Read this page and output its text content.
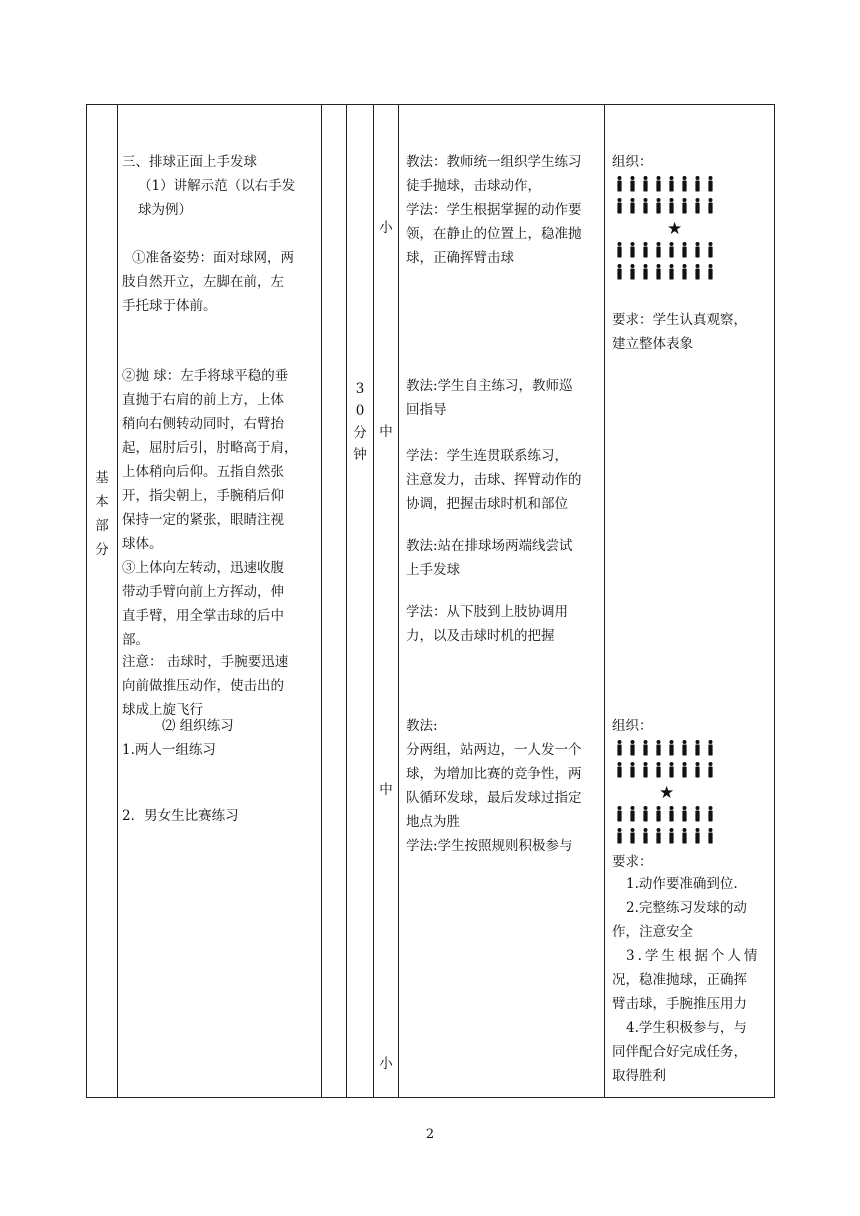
基
本
部
分
三、排球正面上手发球
（1）讲解示范（以右手发
球为例）
①准备姿势：面对球网，两
肢自然开立，左脚在前，左
手托球于体前。
②抛 球：左手将球平稳的垂
直抛于右肩的前上方，上体
稍向右侧转动同时，右臂抬
起，屈肘后引，肘略高于肩，
上体稍向后仰。五指自然张
开，指尖朝上，手腕稍后仰
保持一定的紧张，眼睛注视
球体。
③上体向左转动，迅速收腹
带动手臂向前上方挥动，伸
直手臂，用全掌击球的后中
部。
注意： 击球时，手腕要迅速
向前做推压动作，使击出的
球成上旋飞行
⑵ 组织练习
1.两人一组练习
2．男女生比赛练习
3
0
分
钟
小
中
中
小
教法：教师统一组织学生练习
徒手抛球，击球动作，
学法：学生根据掌握的动作要
领，在静止的位置上，稳准抛
球，正确挥臂击球
教法:学生自主练习，教师巡
回指导
学法：学生连贯联系练习，
注意发力，击球、挥臂动作的
协调，把握击球时机和部位
教法:站在排球场两端线尝试
上手发球
学法：从下肢到上肢协调用
力，以及击球时机的把握
教法:
分两组，站两边，一人发一个
球，为增加比赛的竞争性，两
队循环发球，最后发球过指定
地点为胜
学法:学生按照规则积极参与
组织：
★
要求：学生认真观察，
建立整体表象
组织：
★
要求：
1.动作要准确到位.
2.完整练习发球的动
作，注意安全
3.学生根据个人情
况，稳准抛球，正确挥
臂击球，手腕推压用力
4.学生积极参与，与
同伴配合好完成任务，
取得胜利
2
